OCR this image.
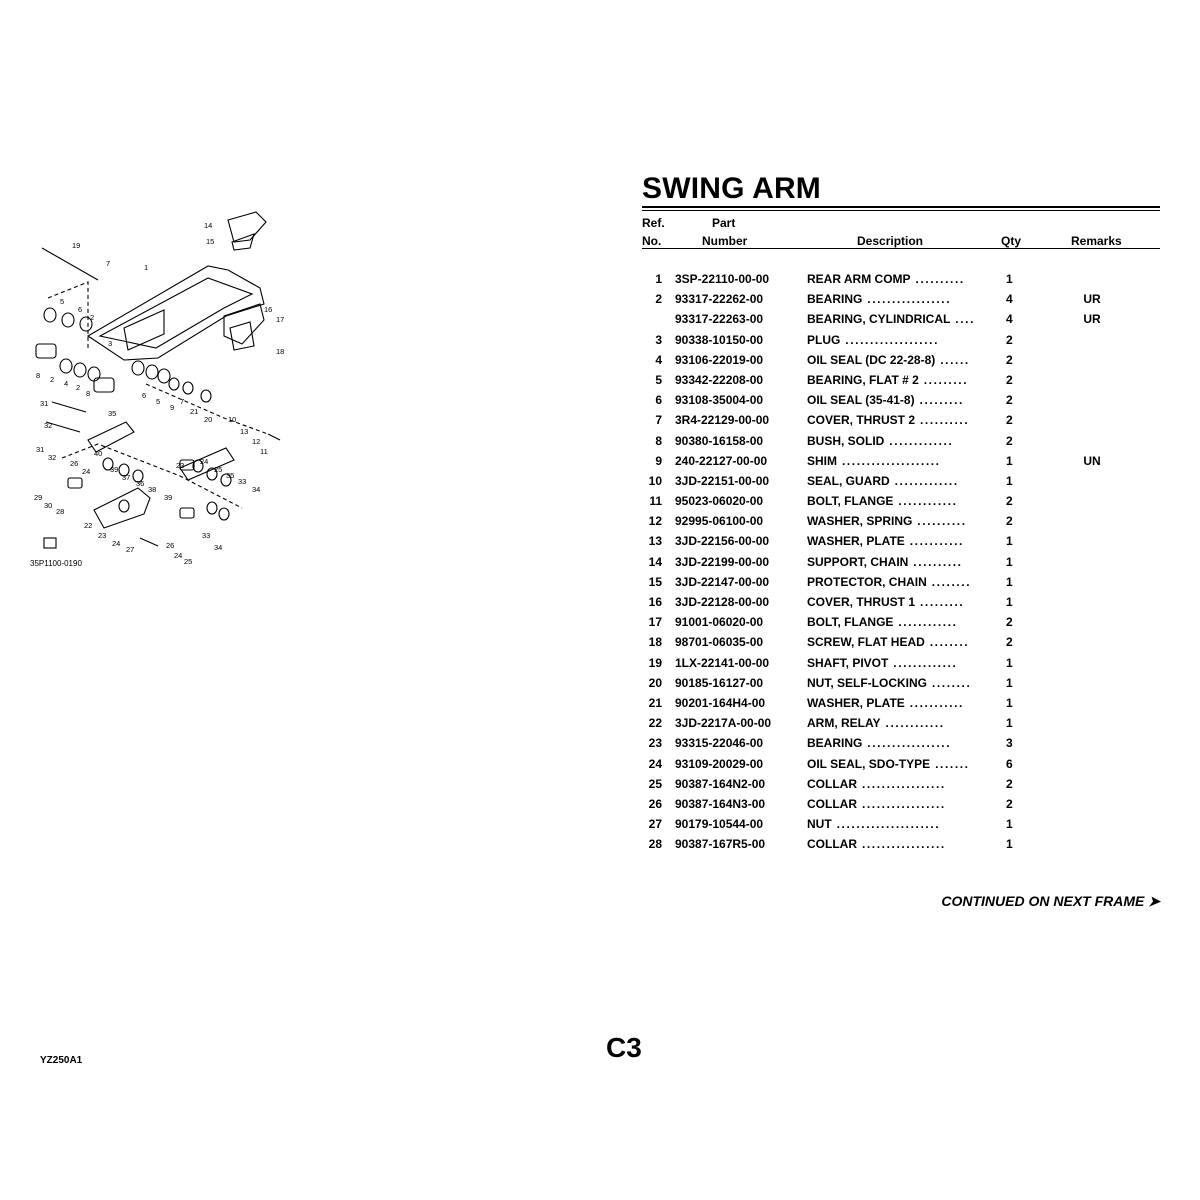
19
7	1
14
15
5
6
2
16
17
18
8 2 4 2
8
3
6
5
9
7
21
20 10
13
12
11
31
32
35
31
32
26
24
40
39
37
36
38
39
23 24
25
35
33
34
29
30
28
22
23
24
27	26
24
25
33
34
35P1100-0190
SWING ARM
Ref.
No.
Part
Number	Description	Qty	Remarks
1 3SP-22110-00-00	REAR ARM COMP ..........	1
2 93317-22262-00	BEARING .................	4	UR
93317-22263-00	BEARING, CYLINDRICAL ....	4	UR
3 90338-10150-00	PLUG ...................	2
4 93106-22019-00	OIL SEAL (DC 22-28-8) ......	2
5 93342-22208-00	BEARING, FLAT # 2 .........	2
6 93108-35004-00	OIL SEAL (35-41-8) .........	2
7 3R4-22129-00-00	COVER, THRUST 2 ..........	2
8 90380-16158-00	BUSH, SOLID .............	2
9 240-22127-00-00	SHIM ....................	1	UN
10 3JD-22151-00-00	SEAL, GUARD .............	1
11 95023-06020-00	BOLT, FLANGE ............	2
12 92995-06100-00	WASHER, SPRING ..........	2
13 3JD-22156-00-00	WASHER, PLATE ...........	1
14 3JD-22199-00-00	SUPPORT, CHAIN ..........	1
15 3JD-22147-00-00	PROTECTOR, CHAIN ........	1
16 3JD-22128-00-00	COVER, THRUST 1 .........	1
17 91001-06020-00	BOLT, FLANGE ............	2
18 98701-06035-00	SCREW, FLAT HEAD ........	2
19 1LX-22141-00-00	SHAFT, PIVOT .............	1
20 90185-16127-00	NUT, SELF-LOCKING ........	1
21 90201-164H4-00	WASHER, PLATE ...........	1
22 3JD-2217A-00-00	ARM, RELAY ............	1
23 93315-22046-00	BEARING .................	3
24 93109-20029-00	OIL SEAL, SDO-TYPE .......	6
25 90387-164N2-00	COLLAR .................	2
26 90387-164N3-00	COLLAR .................	2
27 90179-10544-00	NUT .....................	1
28 90387-167R5-00	COLLAR .................	1
CONTINUED ON NEXT FRAME ➤
C3
YZ250A1
